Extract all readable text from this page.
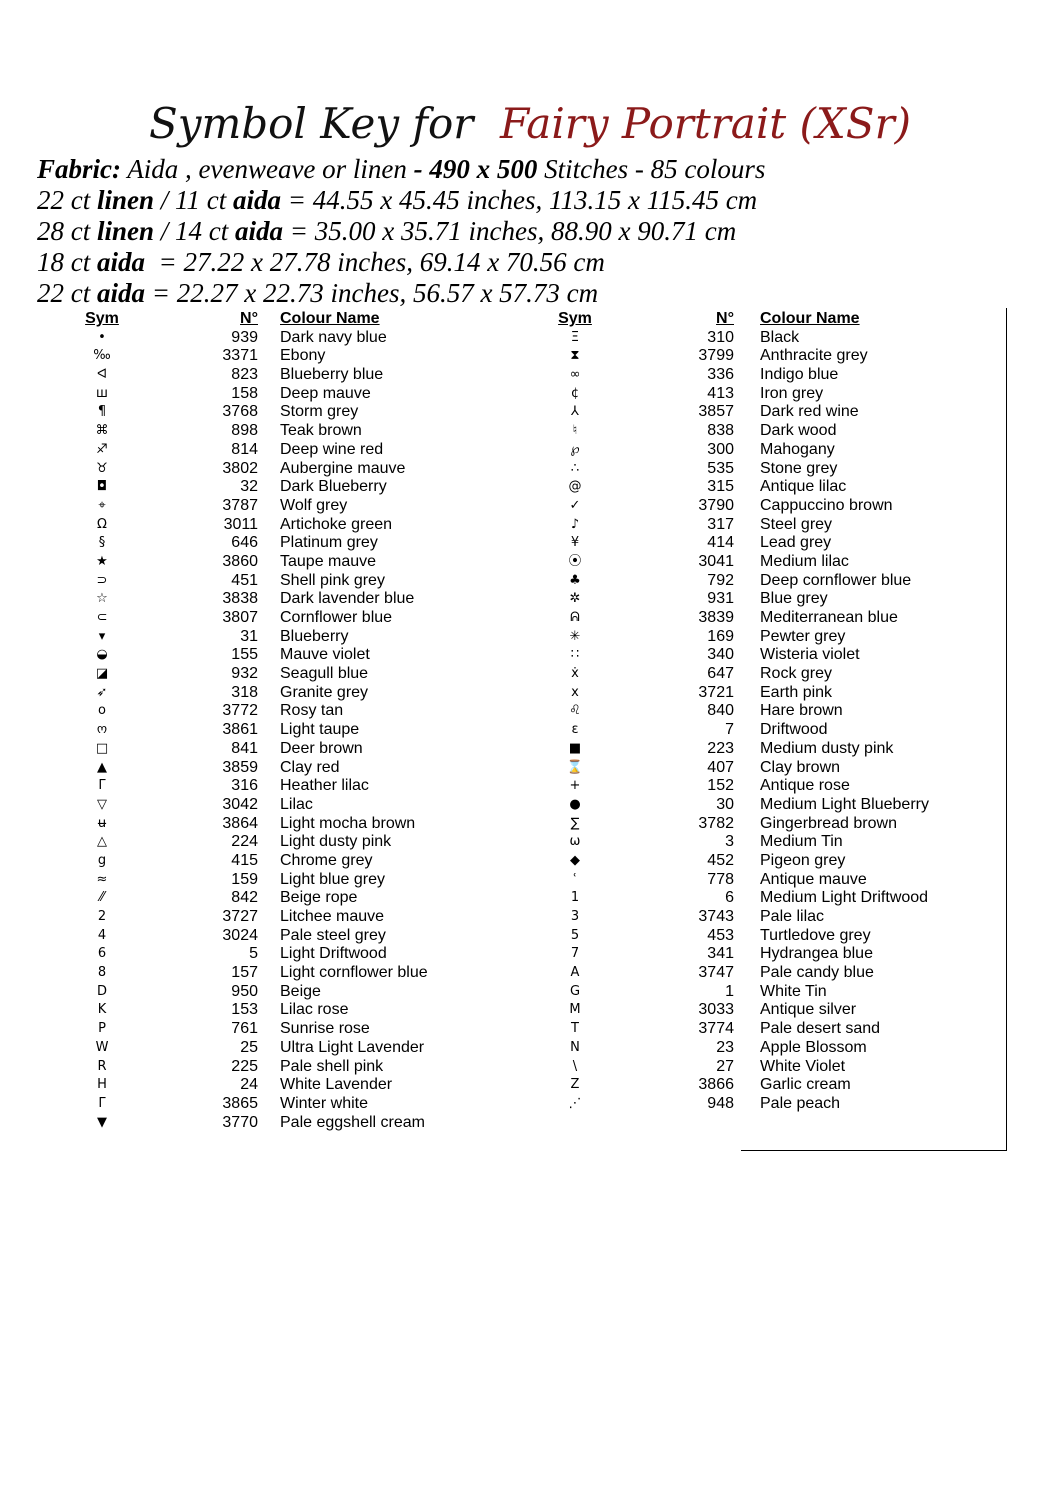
Symbol Key for Fairy Portrait (XSr)
Fabric: Aida , evenweave or linen - 490 x 500 Stitches - 85 colours
22 ct linen / 11 ct aida = 44.55 x 45.45 inches, 113.15 x 115.45 cm
28 ct linen / 14 ct aida = 35.00 x 35.71 inches, 88.90 x 90.71 cm
18 ct aida  = 27.22 x 27.78 inches, 69.14 x 70.56 cm
22 ct aida = 22.27 x 22.73 inches, 56.57 x 57.73 cm
Sym	N° Colour Name
•	939 Dark navy blue
‰	3371 Ebony
ᐊ	823 Blueberry blue
ш	158 Deep mauve
¶	3768 Storm grey
⌘	898 Teak brown
♐	814 Deep wine red
♉	3802 Aubergine mauve
◘	32 Dark Blueberry
⌖	3787 Wolf grey
Ω	3011 Artichoke green
§	646 Platinum grey
★	3860 Taupe mauve
⊃	451 Shell pink grey
☆	3838 Dark lavender blue
⊂	3807 Cornflower blue
▾	31 Blueberry
◒	155 Mauve violet
◪	932 Seagull blue
➶	318 Granite grey
o	3772 Rosy tan
ო	3861 Light taupe
□	841 Deer brown
▲	3859 Clay red
Γ	316 Heather lilac
▽	3042 Lilac
ʉ	3864 Light mocha brown
△	224 Light dusty pink
g	415 Chrome grey
≈	159 Light blue grey
⁄⁄	842 Beige rope
2	3727 Litchee mauve
4	3024 Pale steel grey
6	5 Light Driftwood
8	157 Light cornflower blue
D	950 Beige
K	153 Lilac rose
P	761 Sunrise rose
W	25 Ultra Light Lavender
R	225 Pale shell pink
H	24 White Lavender
Γ	3865 Winter white
▼	3770 Pale eggshell cream
Sym	N° Colour Name
Ξ	310 Black
⧗	3799 Anthracite grey
∞	336 Indigo blue
¢	413 Iron grey
⅄	3857 Dark red wine
♮	838 Dark wood
℘	300 Mahogany
∴	535 Stone grey
@	315 Antique lilac
✓	3790 Cappuccino brown
♪	317 Steel grey
¥	414 Lead grey
⦿	3041 Medium lilac
♣	792 Deep cornflower blue
✲	931 Blue grey
ᕱ	3839 Mediterranean blue
✳	169 Pewter grey
∷	340 Wisteria violet
ẋ	647 Rock grey
x	3721 Earth pink
♌	840 Hare brown
ε	7 Driftwood
■	223 Medium dusty pink
⌛	407 Clay brown
+	152 Antique rose
●	30 Medium Light Blueberry
∑	3782 Gingerbread brown
ω	3 Medium Tin
◆	452 Pigeon grey
ʿ	778 Antique mauve
1	6 Medium Light Driftwood
3	3743 Pale lilac
5	453 Turtledove grey
7	341 Hydrangea blue
A	3747 Pale candy blue
G	1 White Tin
M	3033 Antique silver
T	3774 Pale desert sand
N	23 Apple Blossom
\	27 White Violet
Z	3866 Garlic cream
⋰	948 Pale peach
